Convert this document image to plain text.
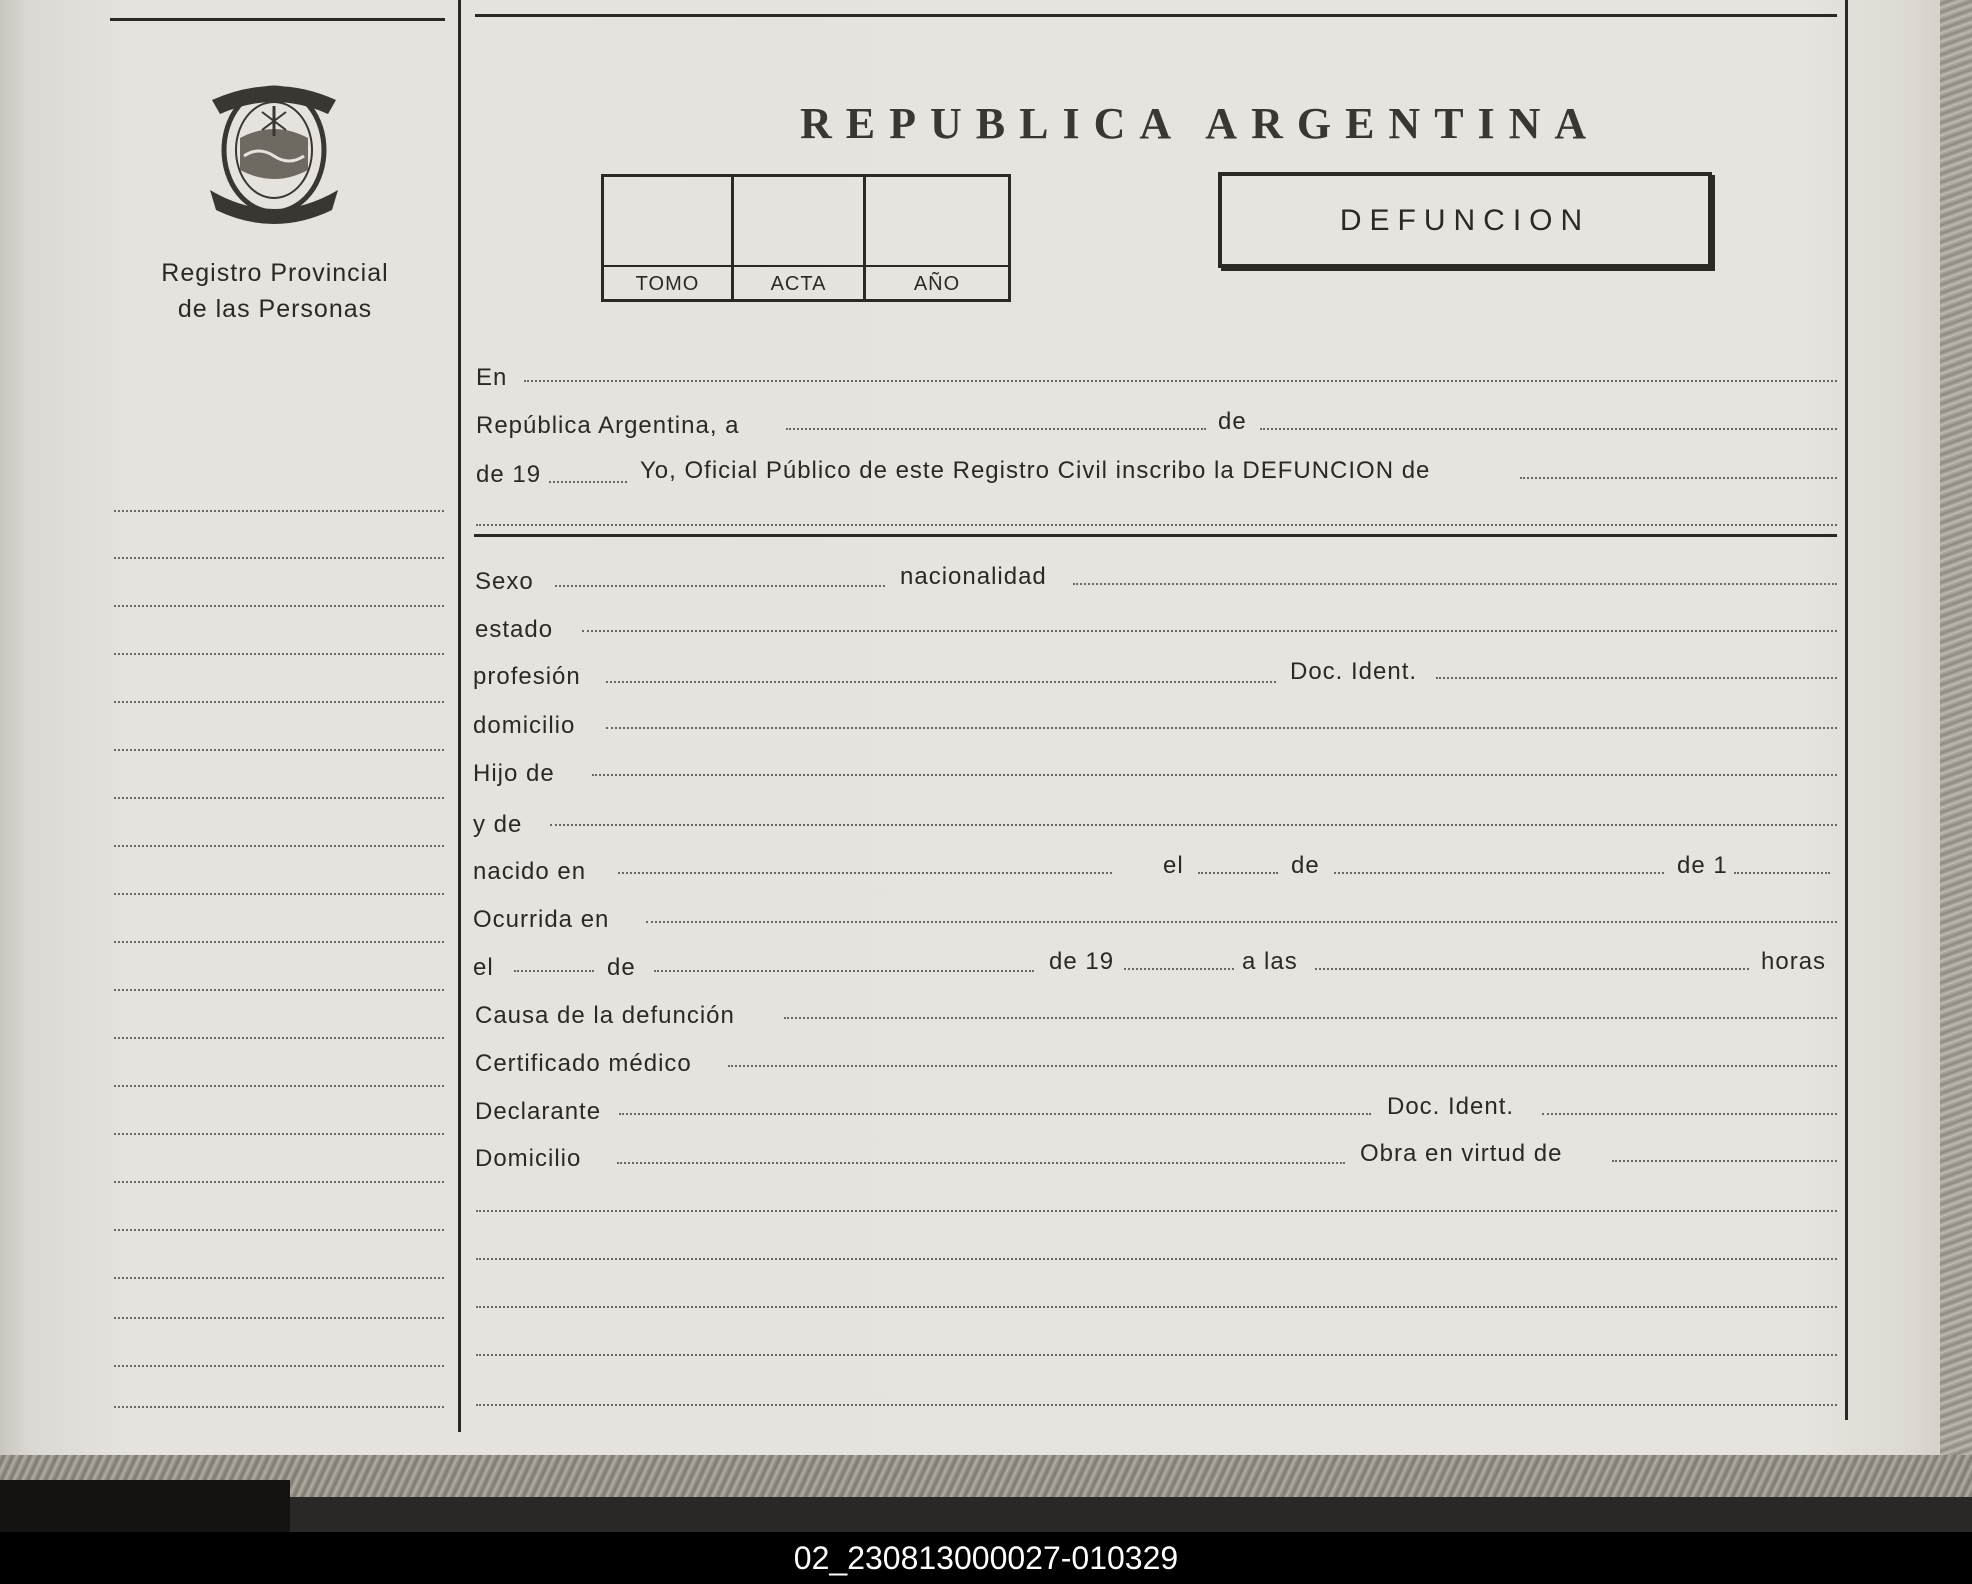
Registro Provincial
de las Personas
REPUBLICA ARGENTINA
TOMO	ACTA	AÑO
DEFUNCION
En
República Argentina, a	de
de 19	Yo, Oficial Público de este Registro Civil inscribo la DEFUNCION de
Sexo	nacionalidad
estado
profesión	Doc. Ident.
domicilio
Hijo de
y de
nacido en	el	de	de 1
Ocurrida en
el	de	de 19	a las	horas
Causa de la defunción
Certificado médico
Declarante	Doc. Ident.
Domicilio	Obra en virtud de
02_230813000027-010329
